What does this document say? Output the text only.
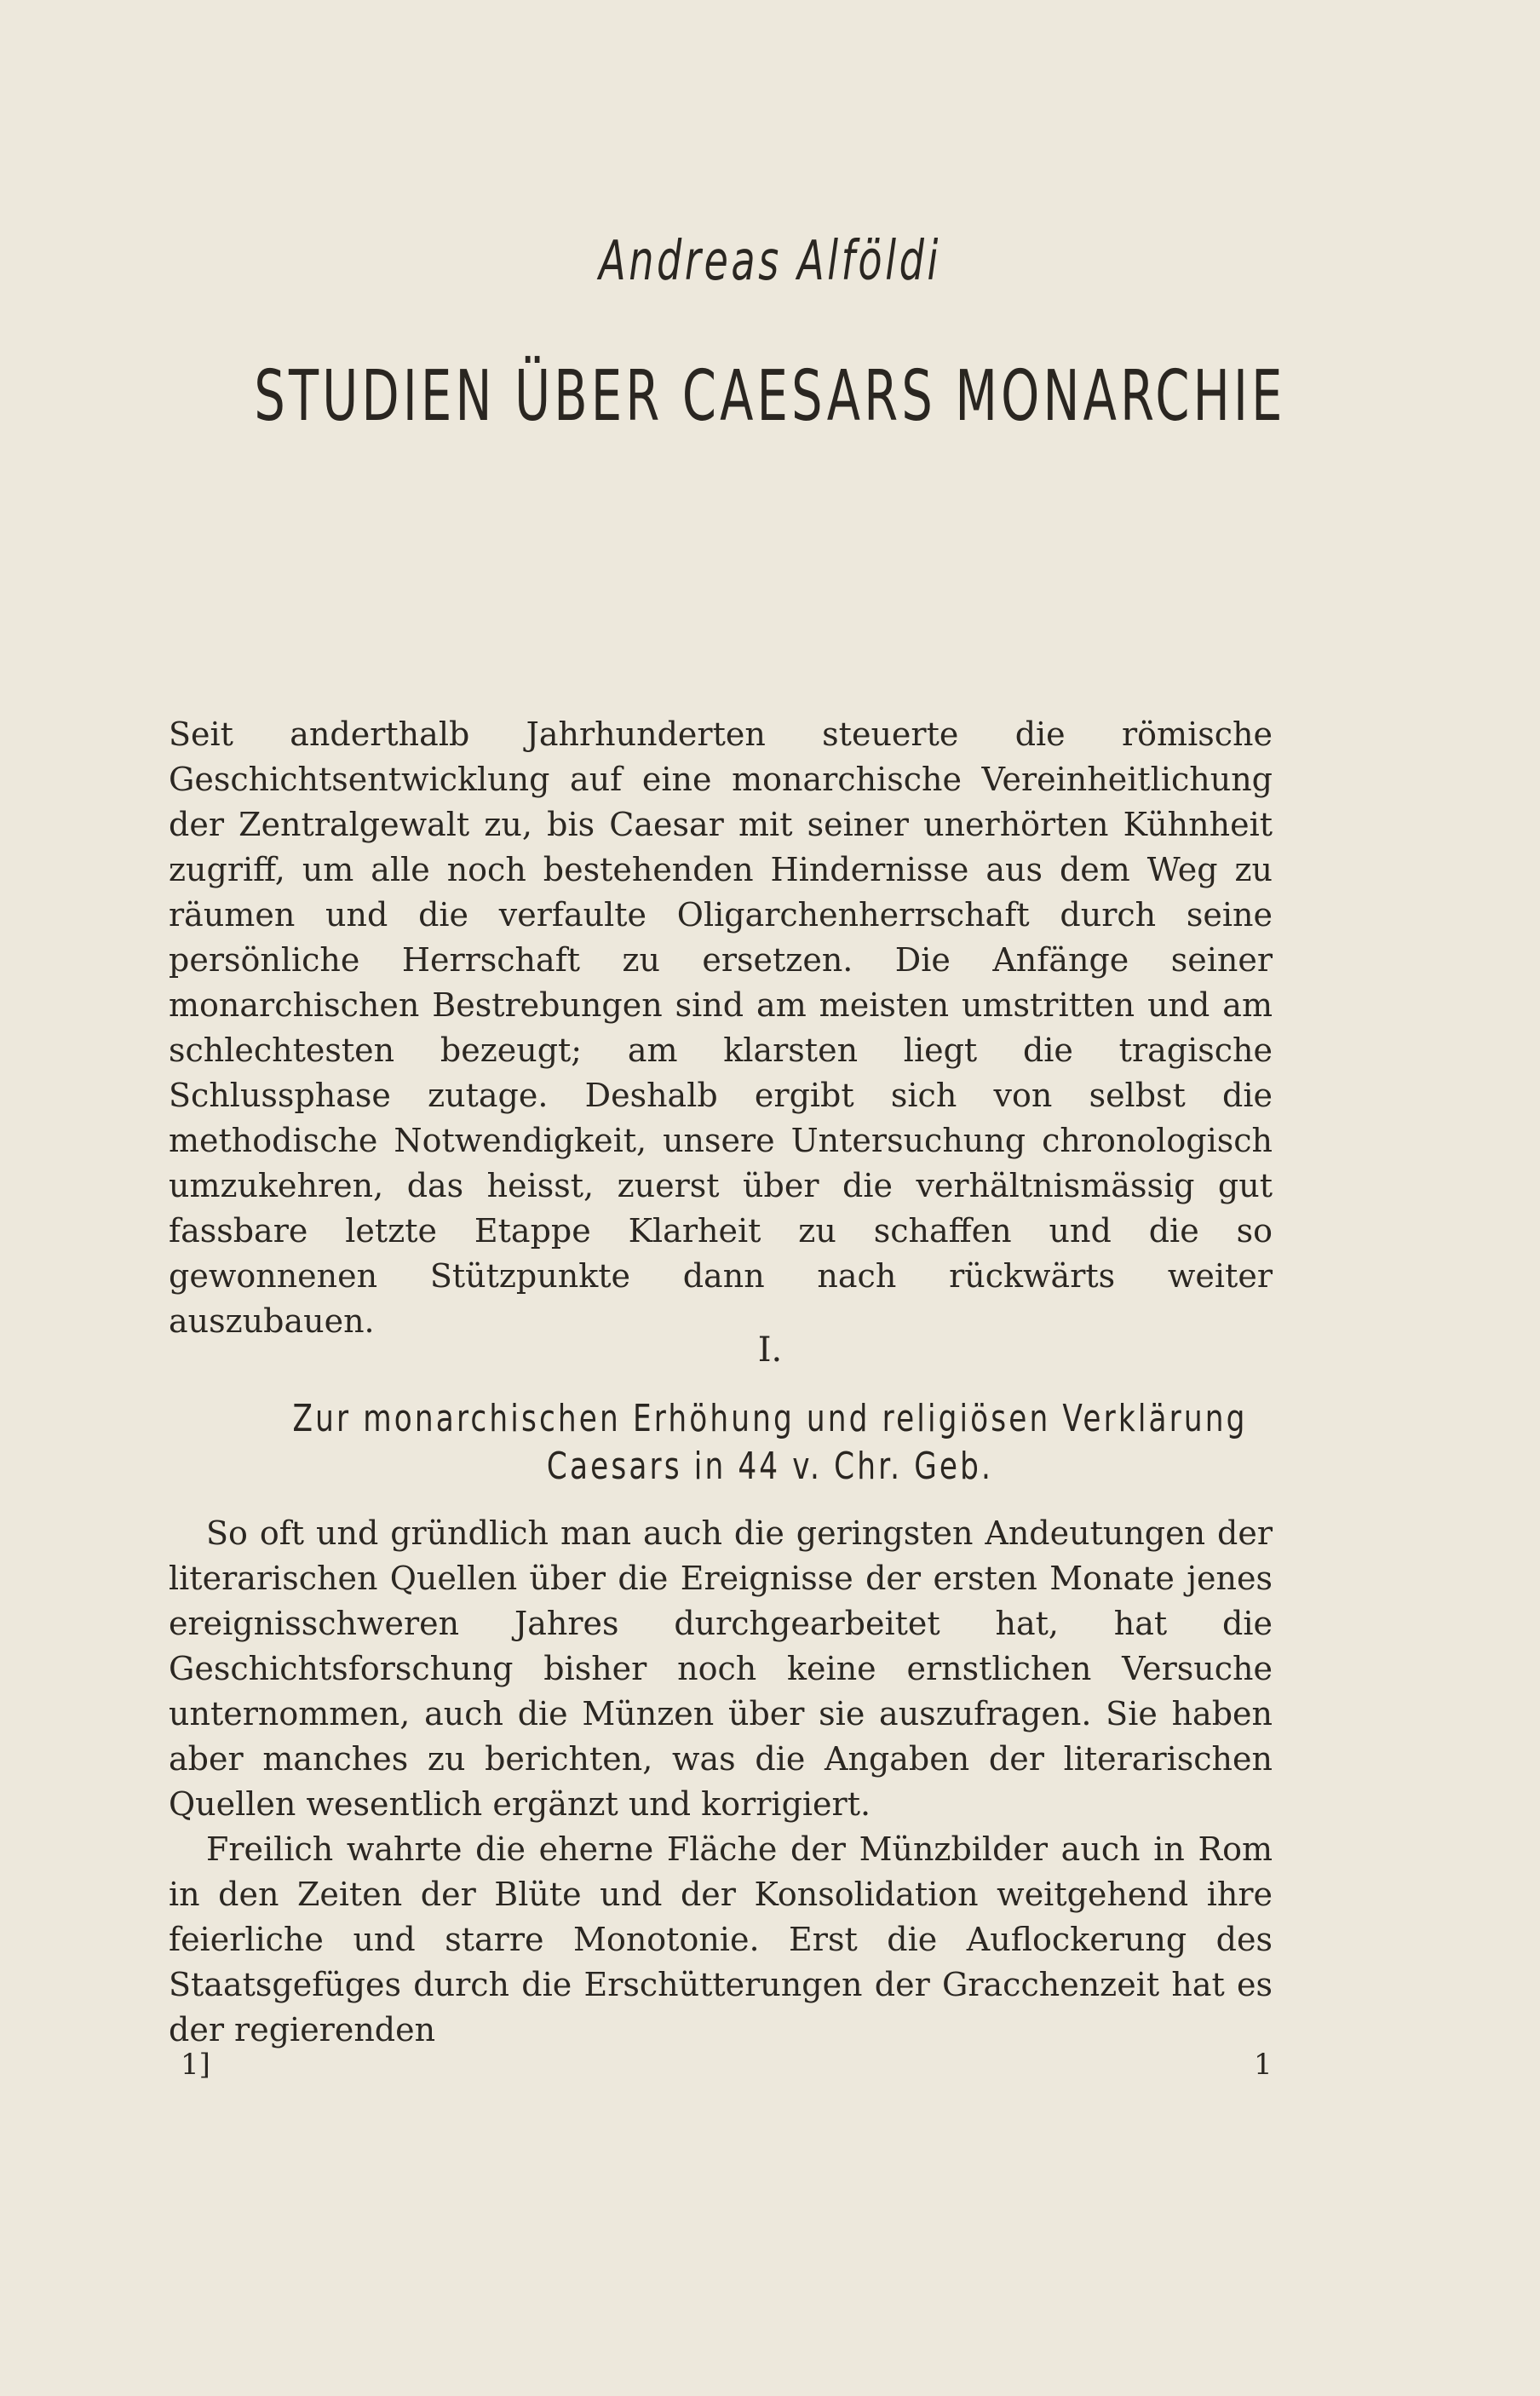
Andreas Alföldi
STUDIEN ÜBER CAESARS MONARCHIE

Seit anderthalb Jahrhunderten steuerte die römische Geschichtsentwicklung auf eine monarchische Vereinheitlichung der Zentralgewalt zu, bis Caesar mit seiner unerhörten Kühnheit zugriff, um alle noch bestehenden Hindernisse aus dem Weg zu räumen und die verfaulte Oligarchenherrschaft durch seine persönliche Herrschaft zu ersetzen. Die Anfänge seiner monarchischen Bestrebungen sind am meisten umstritten und am schlechtesten bezeugt; am klarsten liegt die tragische Schlussphase zutage. Deshalb ergibt sich von selbst die methodische Notwendigkeit, unsere Untersuchung chronologisch umzukehren, das heisst, zuerst über die verhältnismässig gut fassbare letzte Etappe Klarheit zu schaffen und die so gewonnenen Stützpunkte dann nach rückwärts weiter auszubauen.

I.
Zur monarchischen Erhöhung und religiösen Verklärung
Caesars in 44 v. Chr. Geb.

So oft und gründlich man auch die geringsten Andeutungen der literarischen Quellen über die Ereignisse der ersten Monate jenes ereignisschweren Jahres durchgearbeitet hat, hat die Geschichtsforschung bisher noch keine ernstlichen Versuche unternommen, auch die Münzen über sie auszufragen. Sie haben aber manches zu berichten, was die Angaben der literarischen Quellen wesentlich ergänzt und korrigiert.

Freilich wahrte die eherne Fläche der Münzbilder auch in Rom in den Zeiten der Blüte und der Konsolidation weitgehend ihre feierliche und starre Monotonie. Erst die Auflockerung des Staatsgefüges durch die Erschütterungen der Gracchenzeit hat es der regierenden

1]	1
